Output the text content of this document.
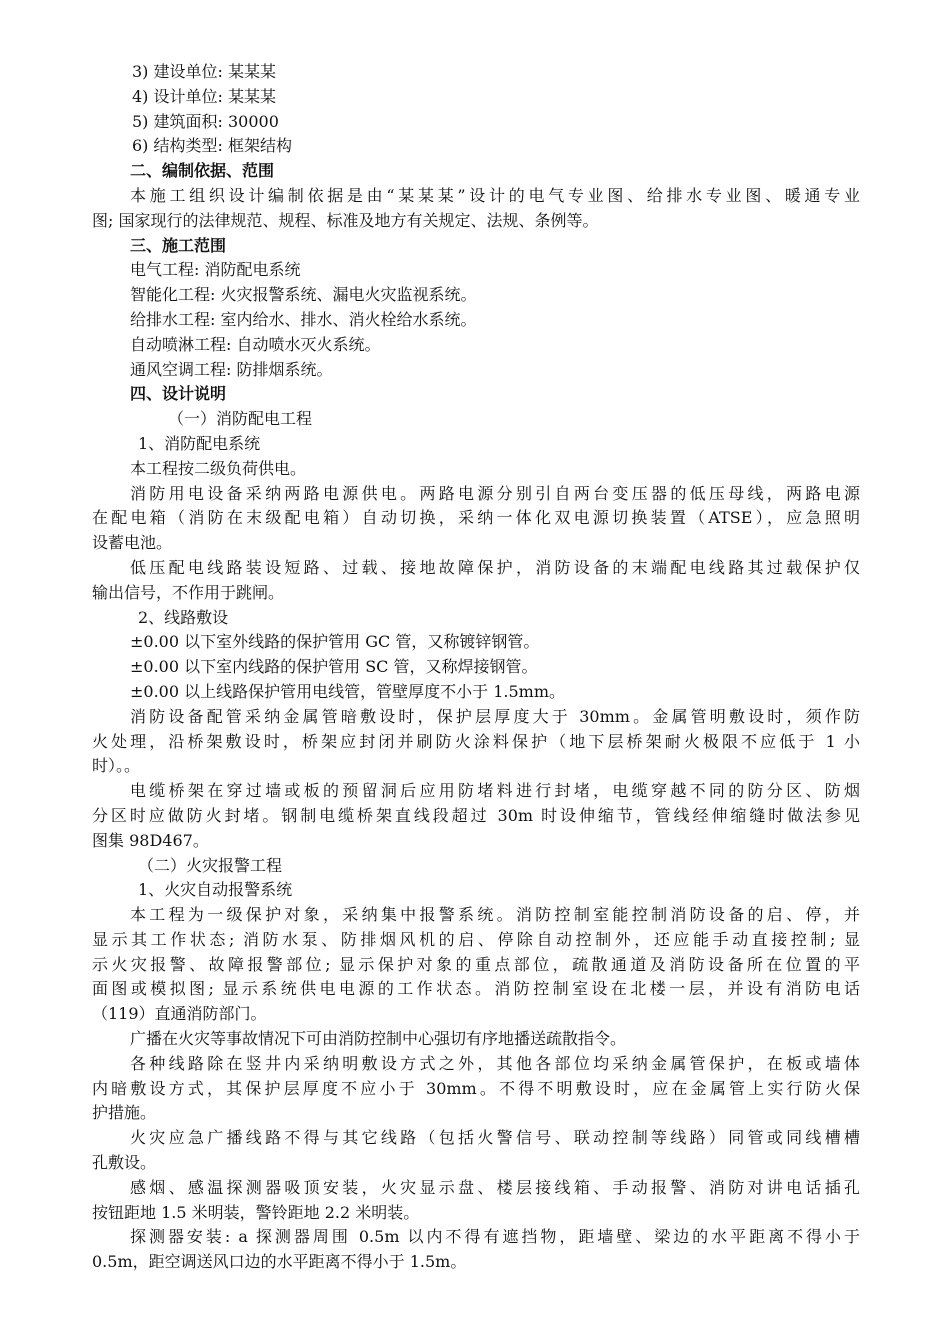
3) 建设单位: 某某某
4) 设计单位: 某某某
5) 建筑面积: 30000
6) 结构类型: 框架结构
二、编制依据、范围
本施工组织设计编制依据是由“某某某”设计的电气专业图、给排水专业图、暖通专业
图; 国家现行的法律规范、规程、标准及地方有关规定、法规、条例等。
三、施工范围
电气工程: 消防配电系统
智能化工程: 火灾报警系统、漏电火灾监视系统。
给排水工程: 室内给水、排水、消火栓给水系统。
自动喷淋工程: 自动喷水灭火系统。
通风空调工程: 防排烟系统。
四、设计说明
（一）消防配电工程
1、消防配电系统
本工程按二级负荷供电。
消防用电设备采纳两路电源供电。两路电源分别引自两台变压器的低压母线，两路电源
在配电箱（消防在末级配电箱）自动切换，采纳一体化双电源切换装置（ATSE），应急照明
设蓄电池。
低压配电线路装设短路、过载、接地故障保护，消防设备的末端配电线路其过载保护仅
输出信号，不作用于跳闸。
2、线路敷设
±0.00 以下室外线路的保护管用 GC 管，又称镀锌钢管。
±0.00 以下室内线路的保护管用 SC 管，又称焊接钢管。
±0.00 以上线路保护管用电线管，管壁厚度不小于 1.5mm。
消防设备配管采纳金属管暗敷设时，保护层厚度大于 30mm。金属管明敷设时，须作防
火处理，沿桥架敷设时，桥架应封闭并刷防火涂料保护（地下层桥架耐火极限不应低于 1 小
时）。。
电缆桥架在穿过墙或板的预留洞后应用防堵料进行封堵，电缆穿越不同的防分区、防烟
分区时应做防火封堵。钢制电缆桥架直线段超过 30m 时设伸缩节，管线经伸缩缝时做法参见
图集 98D467。
（二）火灾报警工程
1、火灾自动报警系统
本工程为一级保护对象，采纳集中报警系统。消防控制室能控制消防设备的启、停，并
显示其工作状态; 消防水泵、防排烟风机的启、停除自动控制外，还应能手动直接控制; 显
示火灾报警、故障报警部位; 显示保护对象的重点部位，疏散通道及消防设备所在位置的平
面图或模拟图; 显示系统供电电源的工作状态。消防控制室设在北楼一层，并设有消防电话
（119）直通消防部门。
广播在火灾等事故情况下可由消防控制中心强切有序地播送疏散指令。
各种线路除在竖井内采纳明敷设方式之外，其他各部位均采纳金属管保护，在板或墙体
内暗敷设方式，其保护层厚度不应小于 30mm。不得不明敷设时，应在金属管上实行防火保
护措施。
火灾应急广播线路不得与其它线路（包括火警信号、联动控制等线路）同管或同线槽槽
孔敷设。
感烟、感温探测器吸顶安装，火灾显示盘、楼层接线箱、手动报警、消防对讲电话插孔
按钮距地 1.5 米明装，警铃距地 2.2 米明装。
探测器安装: a 探测器周围 0.5m 以内不得有遮挡物，距墙壁、梁边的水平距离不得小于
0.5m，距空调送风口边的水平距离不得小于 1.5m。
